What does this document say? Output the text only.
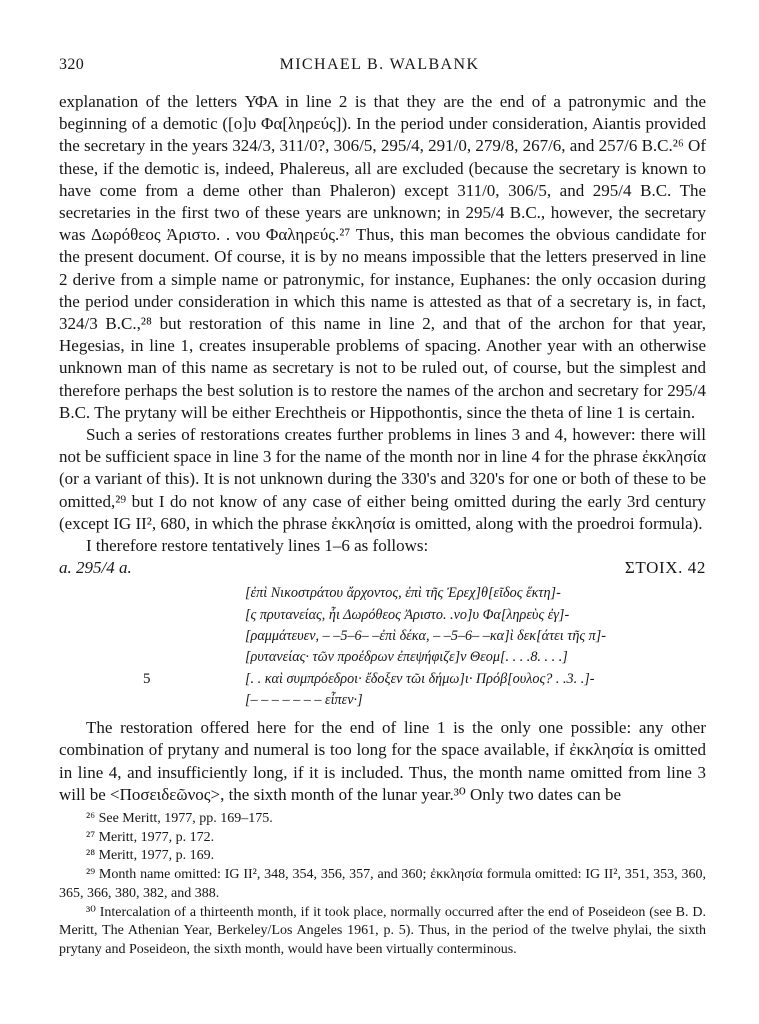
320	MICHAEL B. WALBANK

explanation of the letters ΥΦΑ in line 2 is that they are the end of a patronymic and the beginning of a demotic ([ο]υ Φα[ληρεύς]). In the period under consideration, Aiantis provided the secretary in the years 324/3, 311/0?, 306/5, 295/4, 291/0, 279/8, 267/6, and 257/6 B.C.²⁶ Of these, if the demotic is, indeed, Phalereus, all are excluded (because the secretary is known to have come from a deme other than Phaleron) except 311/0, 306/5, and 295/4 B.C. The secretaries in the first two of these years are unknown; in 295/4 B.C., however, the secretary was Δωρόθεος Ἀριστο. . νου Φαληρεύς.²⁷ Thus, this man becomes the obvious candidate for the present document. Of course, it is by no means impossible that the letters preserved in line 2 derive from a simple name or patronymic, for instance, Euphanes: the only occasion during the period under consideration in which this name is attested as that of a secretary is, in fact, 324/3 B.C.,²⁸ but restoration of this name in line 2, and that of the archon for that year, Hegesias, in line 1, creates insuperable problems of spacing. Another year with an otherwise unknown man of this name as secretary is not to be ruled out, of course, but the simplest and therefore perhaps the best solution is to restore the names of the archon and secretary for 295/4 B.C. The prytany will be either Erechtheis or Hippothontis, since the theta of line 1 is certain.

Such a series of restorations creates further problems in lines 3 and 4, however: there will not be sufficient space in line 3 for the name of the month nor in line 4 for the phrase ἐκκλησία (or a variant of this). It is not unknown during the 330's and 320's for one or both of these to be omitted,²⁹ but I do not know of any case of either being omitted during the early 3rd century (except IG II², 680, in which the phrase ἐκκλησία is omitted, along with the proedroi formula).

I therefore restore tentatively lines 1–6 as follows:

a. 295/4 a.	ΣΤΟΙΧ. 42
[ἐπὶ Νικοστράτου ἄρχοντος, ἐπὶ τῆς Ἐρεχ]θ[εῖδος ἕκτη]-
[ς πρυτανείας, ἧι Δωρόθεος Ἀριστο. .νο]υ Φα[ληρεὺς ἐγ]-
[ραμμάτευεν, – –5–6– –ἐπὶ δέκα, – –5–6– –κα]ὶ δεκ[άτει τῆς π]-
[ρυτανείας· τῶν προέδρων ἐπεψήφιζε]ν Θεομ[. . . .8. . . .]
5	[. . καὶ συμπρόεδροι· ἔδοξεν τῶι δήμω]ι· Πρόβ[ουλος? . .3. .]-
[– – – – – – – εἶπεν·]

The restoration offered here for the end of line 1 is the only one possible: any other combination of prytany and numeral is too long for the space available, if ἐκκλησία is omitted in line 4, and insufficiently long, if it is included. Thus, the month name omitted from line 3 will be <Ποσειδεῶνος>, the sixth month of the lunar year.³⁰ Only two dates can be

²⁶ See Meritt, 1977, pp. 169–175.

²⁷ Meritt, 1977, p. 172.

²⁸ Meritt, 1977, p. 169.

²⁹ Month name omitted: IG II², 348, 354, 356, 357, and 360; ἐκκλησία formula omitted: IG II², 351, 353, 360, 365, 366, 380, 382, and 388.

³⁰ Intercalation of a thirteenth month, if it took place, normally occurred after the end of Poseideon (see B. D. Meritt, The Athenian Year, Berkeley/Los Angeles 1961, p. 5). Thus, in the period of the twelve phylai, the sixth prytany and Poseideon, the sixth month, would have been virtually conterminous.
